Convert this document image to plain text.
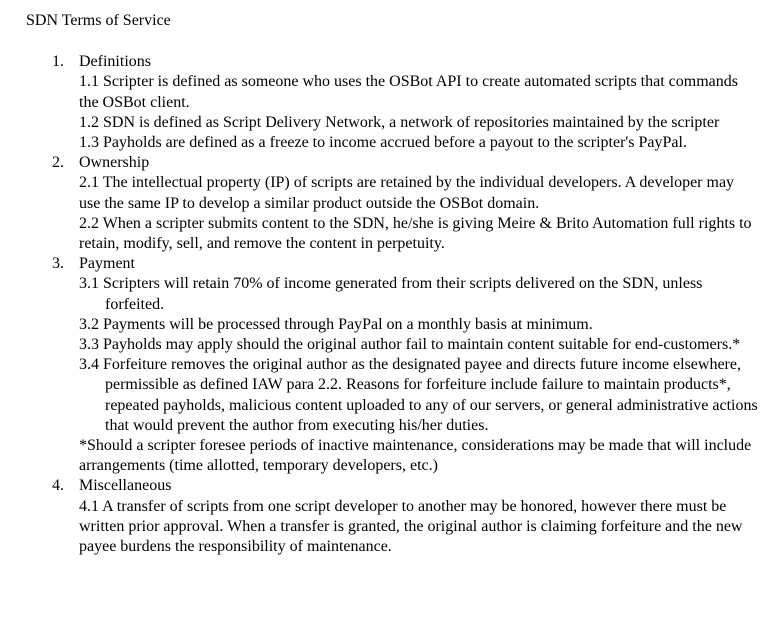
SDN Terms of Service
1. Definitions
1.1 Scripter is defined as someone who uses the OSBot API to create automated scripts that commands the OSBot client.
1.2 SDN is defined as Script Delivery Network, a network of repositories maintained by the scripter
1.3 Payholds are defined as a freeze to income accrued before a payout to the scripter's PayPal.
2. Ownership
2.1 The intellectual property (IP) of scripts are retained by the individual developers. A developer may use the same IP to develop a similar product outside the OSBot domain.
2.2 When a scripter submits content to the SDN, he/she is giving Meire & Brito Automation full rights to retain, modify, sell, and remove the content in perpetuity.
3. Payment
3.1 Scripters will retain 70% of income generated from their scripts delivered on the SDN, unless forfeited.
3.2 Payments will be processed through PayPal on a monthly basis at minimum.
3.3 Payholds may apply should the original author fail to maintain content suitable for end-customers.*
3.4 Forfeiture removes the original author as the designated payee and directs future income elsewhere, permissible as defined IAW para 2.2. Reasons for forfeiture include failure to maintain products*, repeated payholds, malicious content uploaded to any of our servers, or general administrative actions that would prevent the author from executing his/her duties.
*Should a scripter foresee periods of inactive maintenance, considerations may be made that will include arrangements (time allotted, temporary developers, etc.)
4. Miscellaneous
4.1 A transfer of scripts from one script developer to another may be honored, however there must be written prior approval. When a transfer is granted, the original author is claiming forfeiture and the new payee burdens the responsibility of maintenance.
